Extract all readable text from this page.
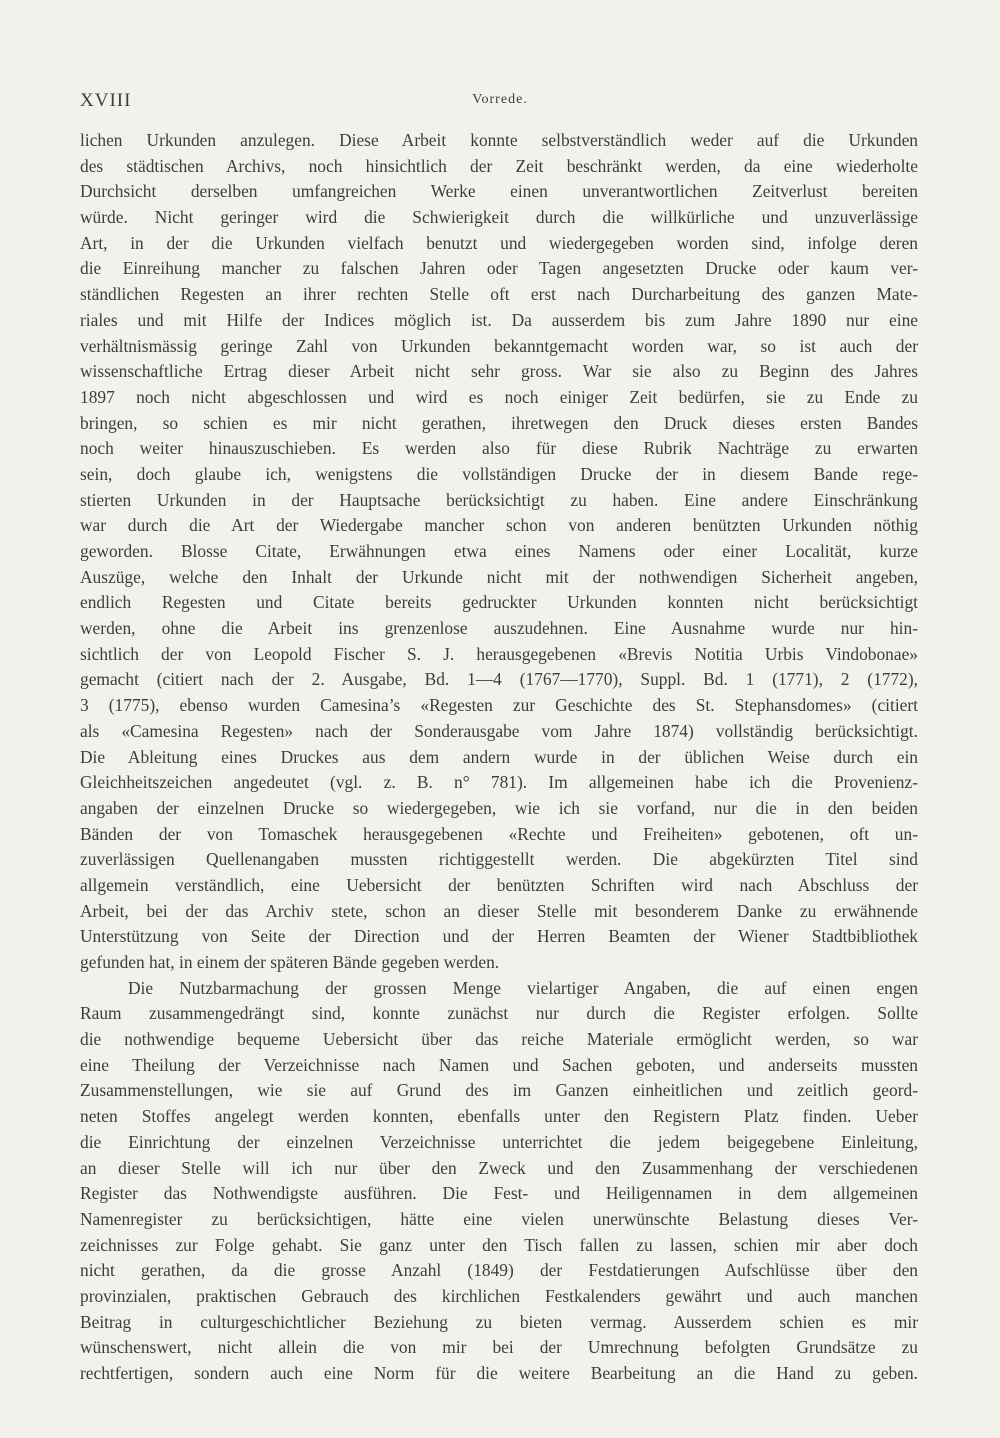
XVIII	Vorrede.
lichen Urkunden anzulegen. Diese Arbeit konnte selbstverständlich weder auf die Urkunden
des städtischen Archivs, noch hinsichtlich der Zeit beschränkt werden, da eine wiederholte
Durchsicht derselben umfangreichen Werke einen unverantwortlichen Zeitverlust bereiten
würde. Nicht geringer wird die Schwierigkeit durch die willkürliche und unzuverlässige
Art, in der die Urkunden vielfach benutzt und wiedergegeben worden sind, infolge deren
die Einreihung mancher zu falschen Jahren oder Tagen angesetzten Drucke oder kaum ver-
ständlichen Regesten an ihrer rechten Stelle oft erst nach Durcharbeitung des ganzen Mate-
riales und mit Hilfe der Indices möglich ist. Da ausserdem bis zum Jahre 1890 nur eine
verhältnismässig geringe Zahl von Urkunden bekanntgemacht worden war, so ist auch der
wissenschaftliche Ertrag dieser Arbeit nicht sehr gross. War sie also zu Beginn des Jahres
1897 noch nicht abgeschlossen und wird es noch einiger Zeit bedürfen, sie zu Ende zu
bringen, so schien es mir nicht gerathen, ihretwegen den Druck dieses ersten Bandes
noch weiter hinauszuschieben. Es werden also für diese Rubrik Nachträge zu erwarten
sein, doch glaube ich, wenigstens die vollständigen Drucke der in diesem Bande rege-
stierten Urkunden in der Hauptsache berücksichtigt zu haben. Eine andere Einschränkung
war durch die Art der Wiedergabe mancher schon von anderen benützten Urkunden nöthig
geworden. Blosse Citate, Erwähnungen etwa eines Namens oder einer Localität, kurze
Auszüge, welche den Inhalt der Urkunde nicht mit der nothwendigen Sicherheit angeben,
endlich Regesten und Citate bereits gedruckter Urkunden konnten nicht berücksichtigt
werden, ohne die Arbeit ins grenzenlose auszudehnen. Eine Ausnahme wurde nur hin-
sichtlich der von Leopold Fischer S. J. herausgegebenen «Brevis Notitia Urbis Vindobonae»
gemacht (citiert nach der 2. Ausgabe, Bd. 1—4 (1767—1770), Suppl. Bd. 1 (1771), 2 (1772),
3 (1775), ebenso wurden Camesina’s «Regesten zur Geschichte des St. Stephansdomes» (citiert
als «Camesina Regesten» nach der Sonderausgabe vom Jahre 1874) vollständig berücksichtigt.
Die Ableitung eines Druckes aus dem andern wurde in der üblichen Weise durch ein
Gleichheitszeichen angedeutet (vgl. z. B. n° 781). Im allgemeinen habe ich die Provenienz-
angaben der einzelnen Drucke so wiedergegeben, wie ich sie vorfand, nur die in den beiden
Bänden der von Tomaschek herausgegebenen «Rechte und Freiheiten» gebotenen, oft un-
zuverlässigen Quellenangaben mussten richtiggestellt werden. Die abgekürzten Titel sind
allgemein verständlich, eine Uebersicht der benützten Schriften wird nach Abschluss der
Arbeit, bei der das Archiv stete, schon an dieser Stelle mit besonderem Danke zu erwähnende
Unterstützung von Seite der Direction und der Herren Beamten der Wiener Stadtbibliothek
gefunden hat, in einem der späteren Bände gegeben werden.
Die Nutzbarmachung der grossen Menge vielartiger Angaben, die auf einen engen
Raum zusammengedrängt sind, konnte zunächst nur durch die Register erfolgen. Sollte
die nothwendige bequeme Uebersicht über das reiche Materiale ermöglicht werden, so war
eine Theilung der Verzeichnisse nach Namen und Sachen geboten, und anderseits mussten
Zusammenstellungen, wie sie auf Grund des im Ganzen einheitlichen und zeitlich geord-
neten Stoffes angelegt werden konnten, ebenfalls unter den Registern Platz finden. Ueber
die Einrichtung der einzelnen Verzeichnisse unterrichtet die jedem beigegebene Einleitung,
an dieser Stelle will ich nur über den Zweck und den Zusammenhang der verschiedenen
Register das Nothwendigste ausführen. Die Fest- und Heiligennamen in dem allgemeinen
Namenregister zu berücksichtigen, hätte eine vielen unerwünschte Belastung dieses Ver-
zeichnisses zur Folge gehabt. Sie ganz unter den Tisch fallen zu lassen, schien mir aber doch
nicht gerathen, da die grosse Anzahl (1849) der Festdatierungen Aufschlüsse über den
provinzialen, praktischen Gebrauch des kirchlichen Festkalenders gewährt und auch manchen
Beitrag in culturgeschichtlicher Beziehung zu bieten vermag. Ausserdem schien es mir
wünschenswert, nicht allein die von mir bei der Umrechnung befolgten Grundsätze zu
rechtfertigen, sondern auch eine Norm für die weitere Bearbeitung an die Hand zu geben.
